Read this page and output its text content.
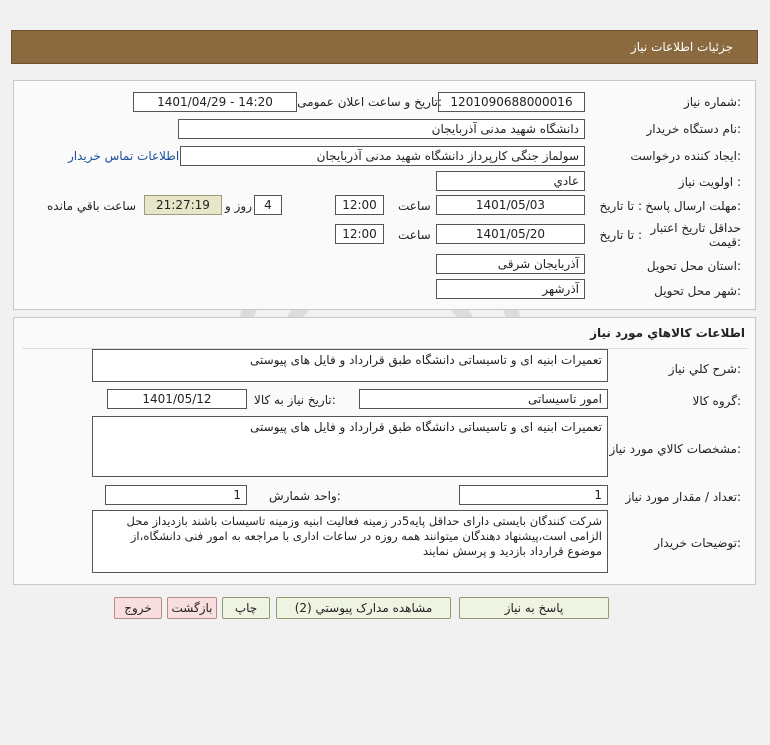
جزئیات اطلاعات نیاز
شماره نياز:
1201090688000016
تاريخ و ساعت اعلان عمومی:
1401/04/29 - 14:20
نام دستگاه خريدار:
دانشگاه شهید مدنی آذربایجان
ايجاد کننده درخواست:
سولماز جنگی کارپرداز دانشگاه شهید مدنی آذربایجان
اطلاعات تماس خريدار
اولويت نياز :
عادي
مهلت ارسال پاسخ:
تا تاريخ :
1401/05/03
ساعت
12:00
4
روز و
21:27:19
ساعت باقي مانده
حداقل تاريخ اعتبار قيمت:
تا تاريخ :
1401/05/20
ساعت
12:00
استان محل تحويل:
آذربايجان شرقی
شهر محل تحويل:
آذرشهر
اطلاعات کالاهاي مورد نياز
شرح کلي نياز:
تعمیرات ابنیه ای و تاسیساتی دانشگاه طبق قرارداد و فایل های پیوستی
گروه کالا:
امور تاسیساتی
تاريخ نياز به کالا:
1401/05/12
مشخصات کالاي مورد نياز:
تعمیرات ابنیه ای و تاسیساتی دانشگاه طبق قرارداد و فایل های پیوستی
تعداد / مقدار مورد نياز:
1
واحد شمارش:
1
توضيحات خريدار:
شرکت کنندگان بایستی دارای حداقل پایه5در زمینه فعالیت ابنیه وزمینه تاسیسات باشند بازدیداز محل الزامی است،پیشنهاد دهندگان میتوانند همه روزه در ساعات اداری با مراجعه به امور فنی دانشگاه،از موضوع قرارداد بازدید و پرسش نمایند
پاسخ به نياز
مشاهده مدارک پيوستي (2)
چاپ
بازگشت
خروج
